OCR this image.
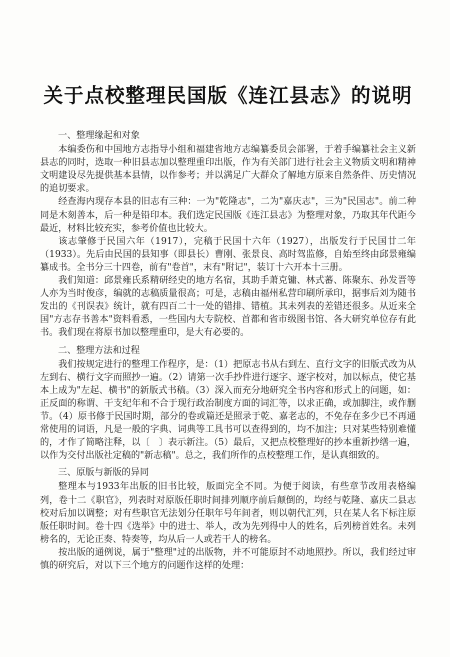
关于点校整理民国版《连江县志》的说明

一、整理缘起和对象

本编委伤和中国地方志指导小组和福建省地方志编纂委员会部署，于着手编纂社会主义新县志的同时，选取一种旧县志加以整理重印出版，作为有关部门进行社会主义物质文明和精神文明建设尽先提供基本县情，以作参考；并以满足广大群众了解地方原来自然条件、历史情况的追切要求。

经查海内现存本县的旧志有三种：一为"乾隆志"，二为"嘉庆志"，三为"民国志"。前二种同是木刻善本，后一种是铅印本。我们选定民国版《连江县志》为整理对象，乃取其年代距今最近，材料比较充实，参考价值也比较大。

该志肇修于民国六年（1917），完稿于民国十六年（1927），出版发行于民国廿二年（1933）。先后由民国的县知事（即县长）曹刚、张景良、高时驾监修，自始至终由邱景雍编纂成书。全书分三十四卷，前有"卷首"，末有"附记"，装订十六开本十三册。

我们知道：邱景雍氏系精研经史的地方名宿，其助手萧克镛、林式蕃、陈聚东、孙发晋等人亦为当时俊彦，编就的志稿质量很高；可是，志稿由福州私营印刷所承印，据事后刘为随书发出的《刊误表》统计，就有四百二十一处的错排、错植。其未列表的差错还很多。从近来全国"方志存书善本"资料看悉，一些国内大专院校、首都和省市级图书馆、各大研究单位存有此书。我们现在将原书加以整理重印，是大有必要的。

二、整理方法和过程

我们按规定进行的整理工作程序，是：（1）把原志书从右到左、直行文字的旧版式改为从左到右、横行文字而照抄一遍。（2）请第一次手抄件进行逐字、逐字校对，加以标点，使它基本上成为"左起、横书"的新版式书稿。（3）深入而充分地研究全书内容和形式上的问题，如：正反面的称谓、干支纪年和不合于现行政治制度方面的词汇等，以求正确，或加脚注，或作删节。（4）原书修于民国时期，部分的卷或篇还是照录于乾、嘉老志的，不免存在多少已不再通常使用的词语，凡是一般的字典、词典等工具书可以查得到的，均不加注；只对某些特别难懂的，才作了简略注释，以〔　〕表示新注。（5）最后，又把点校整理好的抄本重新抄缮一遍，以作为交付出版社定稿的"新志稿"。总之，我们所作的点校整理工作，是认真细致的。

三、原版与新版的异同

整理本与1933年出版的旧书比较，版面完全不同。为便于阅读，有些章节改用表格编列，卷十二《职官》，列表时对原版任职时间排列顺序前后颠倒的，均经与乾隆、嘉庆二县志校对后加以调整；对有些职官无法划分任职年号年间者，则以朝代汇列，只在某人名下标注原版任职时间。卷十四《选举》中的进士、举人，改为先列得中人的姓名，后列榜首姓名。未列榜名的，无论正奏、特奏等，均从后一人或若干人的榜名。

按出版的通例说，属于"整理"过的出版物，并不可能原封不动地照抄。所以，我们经过审慎的研究后，对以下三个地方的问题作这样的处理：
